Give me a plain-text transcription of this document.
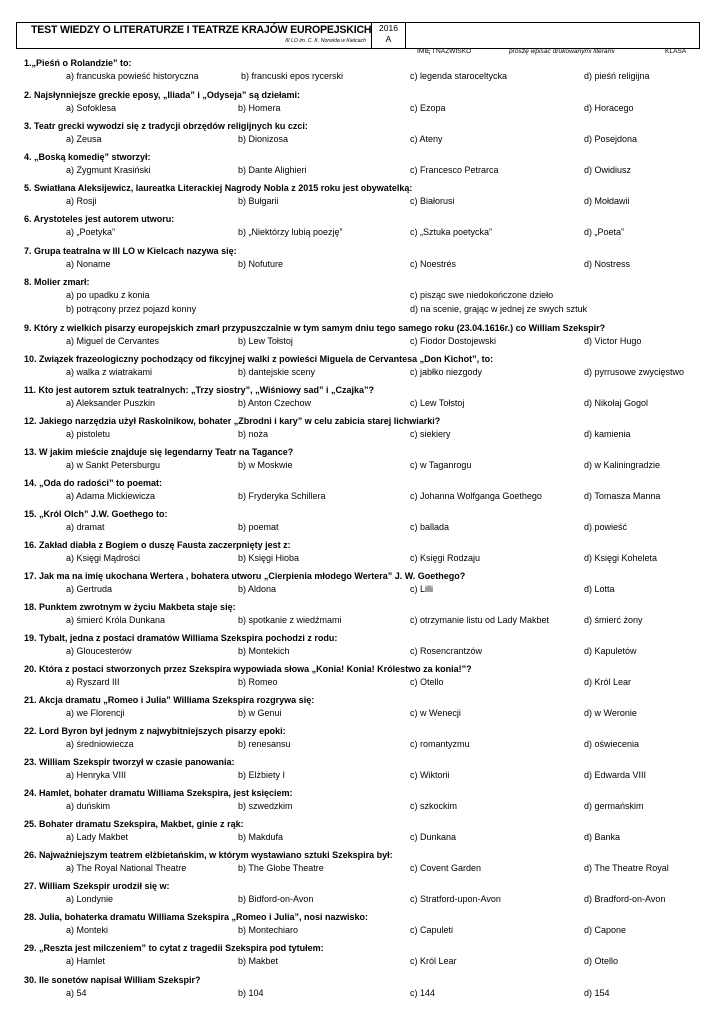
TEST WIEDZY O LITERATURZE I TEATRZE KRAJÓW EUROPEJSKICH
III LO im. C. K. Norwida w Kielcach
2016
A
IMIĘ I NAZWISKO	proszę wpisać drukowanymi literami	KLASA
1.„Pieśń o Rolandzie” to:
a) francuska powieść historyczna	b) francuski epos rycerski	c) legenda staroceltycka	d) pieśń religijna
2. Najsłynniejsze greckie eposy, „Iliada” i „Odyseja” są dziełami:
a) Sofoklesa	b) Homera	c) Ezopa	d) Horacego
3. Teatr grecki wywodzi się z tradycji obrzędów religijnych ku czci:
a) Zeusa	b) Dionizosa	c) Ateny	d) Posejdona
4. „Boską komedię” stworzył:
a) Zygmunt Krasiński	b) Dante Alighieri	c) Francesco Petrarca	d) Owidiusz
5. Swiatłana Aleksijewicz, laureatka Literackiej Nagrody Nobla z 2015 roku jest obywatelką:
a) Rosji	b) Bułgarii	c) Białorusi	d) Mołdawii
6. Arystoteles jest autorem utworu:
a) „Poetyka”	b) „Niektórzy lubią poezję”	c) „Sztuka poetycka”	d) „Poeta”
7. Grupa teatralna w III LO w Kielcach nazywa się:
a) Noname	b) Nofuture	c) Noestrés	d) Nostress
8. Molier zmarł:
a) po upadku z konia
b) potrącony przez pojazd konny
c) pisząc swe niedokończone dzieło
d) na scenie, grając w jednej ze swych sztuk
9. Który z wielkich pisarzy europejskich zmarł przypuszczalnie w tym samym dniu tego samego roku (23.04.1616r.) co William Szekspir?
a) Miguel de Cervantes	b) Lew Tołstoj	c) Fiodor Dostojewski	d) Victor Hugo
10. Związek frazeologiczny pochodzący od fikcyjnej walki z powieści Miguela de Cervantesa „Don Kichot”, to:
a) walka z wiatrakami	b) dantejskie sceny	c) jabłko niezgody	d) pyrrusowe zwycięstwo
11. Kto jest autorem sztuk teatralnych: „Trzy siostry”, „Wiśniowy sad” i „Czajka”?
a) Aleksander Puszkin	b) Anton Czechow	c) Lew Tołstoj	d) Nikołaj Gogol
12. Jakiego narzędzia użył Raskolnikow, bohater „Zbrodni i kary” w celu zabicia starej lichwiarki?
a) pistoletu	b) noża	c) siekiery	d) kamienia
13. W jakim mieście znajduje się legendarny Teatr na Tagance?
a) w Sankt Petersburgu	b) w Moskwie	c) w Taganrogu	d) w Kaliningradzie
14. „Oda do radości” to poemat:
a) Adama Mickiewicza	b) Fryderyka Schillera	c) Johanna Wolfganga Goethego	d) Tomasza Manna
15. „Król Olch” J.W. Goethego to:
a) dramat	b) poemat	c) ballada	d) powieść
16. Zakład diabła z Bogiem o duszę Fausta zaczerpnięty jest z:
a) Księgi Mądrości	b) Księgi Hioba	c) Księgi Rodzaju	d) Księgi Koheleta
17. Jak ma na imię ukochana Wertera , bohatera utworu „Cierpienia młodego Wertera” J. W. Goethego?
a) Gertruda	b) Aldona	c) Lilli	d) Lotta
18. Punktem zwrotnym w życiu Makbeta staje się:
a) śmierć Króla Dunkana	b) spotkanie z wiedźmami	c) otrzymanie listu od Lady Makbet	d) śmierć żony
19. Tybalt, jedna z postaci dramatów Williama Szekspira pochodzi z rodu:
a) Gloucesterów	b) Montekich	c) Rosencrantzów	d) Kapuletów
20. Która z postaci stworzonych przez Szekspira wypowiada słowa „Konia! Konia! Królestwo za konia!”?
a) Ryszard III	b) Romeo	c) Otello	d) Król Lear
21. Akcja dramatu „Romeo i Julia” Williama Szekspira rozgrywa się:
a) we Florencji	b) w Genui	c) w Wenecji	d) w Weronie
22. Lord Byron był jednym z najwybitniejszych pisarzy epoki:
a) średniowiecza	b) renesansu	c) romantyzmu	d) oświecenia
23. William Szekspir tworzył w czasie panowania:
a) Henryka VIII	b) Elżbiety I	c) Wiktorii	d) Edwarda VIII
24. Hamlet, bohater dramatu Williama Szekspira, jest księciem:
a) duńskim	b) szwedzkim	c) szkockim	d) germańskim
25. Bohater dramatu Szekspira, Makbet, ginie z rąk:
a) Lady Makbet	b) Makdufa	c) Dunkana	d) Banka
26. Najważniejszym teatrem elżbietańskim, w którym wystawiano sztuki Szekspira był:
a) The Royal National Theatre	b) The Globe Theatre	c) Covent Garden	d) The Theatre Royal
27. William Szekspir urodził się w:
a) Londynie	b) Bidford-on-Avon	c) Stratford-upon-Avon	d) Bradford-on-Avon
28. Julia, bohaterka dramatu Williama Szekspira „Romeo i Julia”, nosi nazwisko:
a) Monteki	b) Montechiaro	c) Capuleti	d) Capone
29. „Reszta jest milczeniem” to cytat z tragedii Szekspira pod tytułem:
a) Hamlet	b) Makbet	c) Król Lear	d) Otello
30. Ile sonetów napisał William Szekspir?
a) 54	b) 104	c) 144	d) 154
